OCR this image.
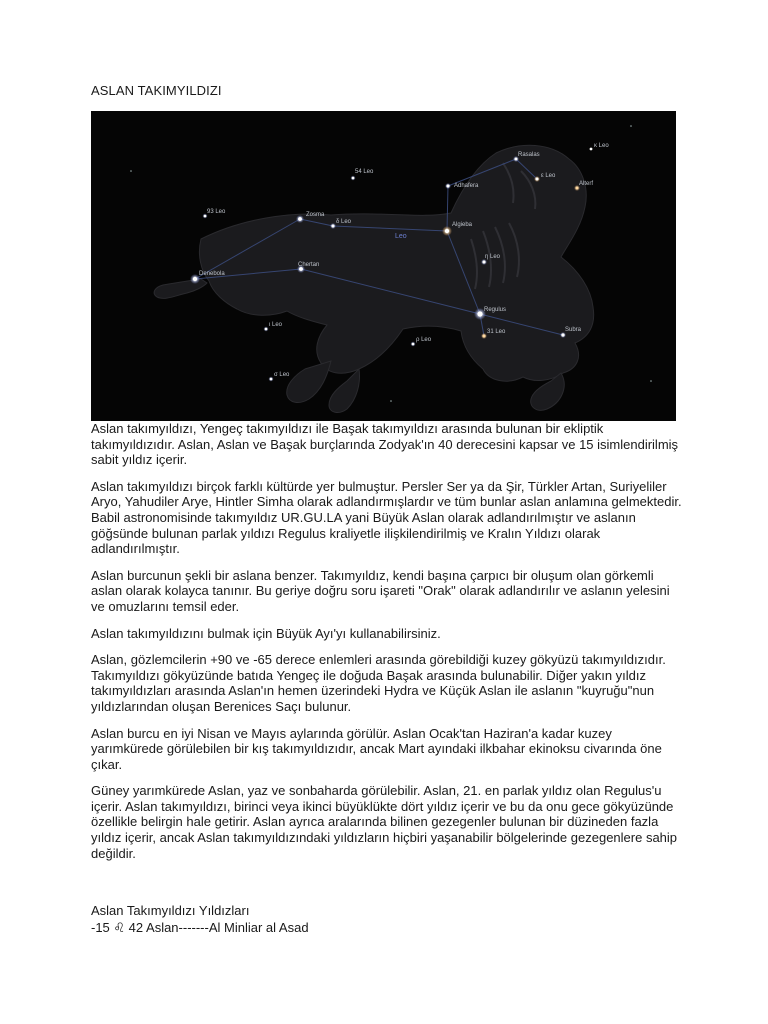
ASLAN TAKIMYILDIZI
Rasalas
κ Leo
ε Leo
Alterf
Adhafera
Algieba
η Leo
Regulus
31 Leo	Subra
54 Leo
Zosma
δ Leo
93 Leo
Denebola
Chertan
ι Leo
ρ Leo
σ Leo
Leo

Aslan takımyıldızı, Yengeç takımyıldızı ile Başak takımyıldızı arasında bulunan bir ekliptik takımyıldızıdır. Aslan, Aslan ve Başak burçlarında Zodyak'ın 40 derecesini kapsar ve 15 isimlendirilmiş sabit yıldız içerir.

Aslan takımyıldızı birçok farklı kültürde yer bulmuştur. Persler Ser ya da Şir, Türkler Artan, Suriyeliler Aryo, Yahudiler Arye, Hintler Simha olarak adlandırmışlardır ve tüm bunlar aslan anlamına gelmektedir. Babil astronomisinde takımyıldız UR.GU.LA yani Büyük Aslan olarak adlandırılmıştır ve aslanın göğsünde bulunan parlak yıldızı Regulus kraliyetle ilişkilendirilmiş ve Kralın Yıldızı olarak adlandırılmıştır.

Aslan burcunun şekli bir aslana benzer. Takımyıldız, kendi başına çarpıcı bir oluşum olan görkemli aslan olarak kolayca tanınır. Bu geriye doğru soru işareti "Orak" olarak adlandırılır ve aslanın yelesini ve omuzlarını temsil eder.

Aslan takımyıldızını bulmak için Büyük Ayı'yı kullanabilirsiniz.

Aslan, gözlemcilerin +90 ve -65 derece enlemleri arasında görebildiği kuzey gökyüzü takımyıldızıdır. Takımyıldızı gökyüzünde batıda Yengeç ile doğuda Başak arasında bulunabilir. Diğer yakın yıldız takımyıldızları arasında Aslan'ın hemen üzerindeki Hydra ve Küçük Aslan ile aslanın "kuyruğu"nun yıldızlarından oluşan Berenices Saçı bulunur.

Aslan burcu en iyi Nisan ve Mayıs aylarında görülür. Aslan Ocak'tan Haziran'a kadar kuzey yarımkürede görülebilen bir kış takımyıldızıdır, ancak Mart ayındaki ilkbahar ekinoksu civarında öne çıkar.

Güney yarımkürede Aslan, yaz ve sonbaharda görülebilir. Aslan, 21. en parlak yıldız olan Regulus'u içerir. Aslan takımyıldızı, birinci veya ikinci büyüklükte dört yıldız içerir ve bu da onu gece gökyüzünde özellikle belirgin hale getirir. Aslan ayrıca aralarında bilinen gezegenler bulunan bir düzineden fazla yıldız içerir, ancak Aslan takımyıldızındaki yıldızların hiçbiri yaşanabilir bölgelerinde gezegenlere sahip değildir.

Aslan Takımyıldızı Yıldızları
-15 ♌ 42 Aslan-------Al Minliar al Asad
